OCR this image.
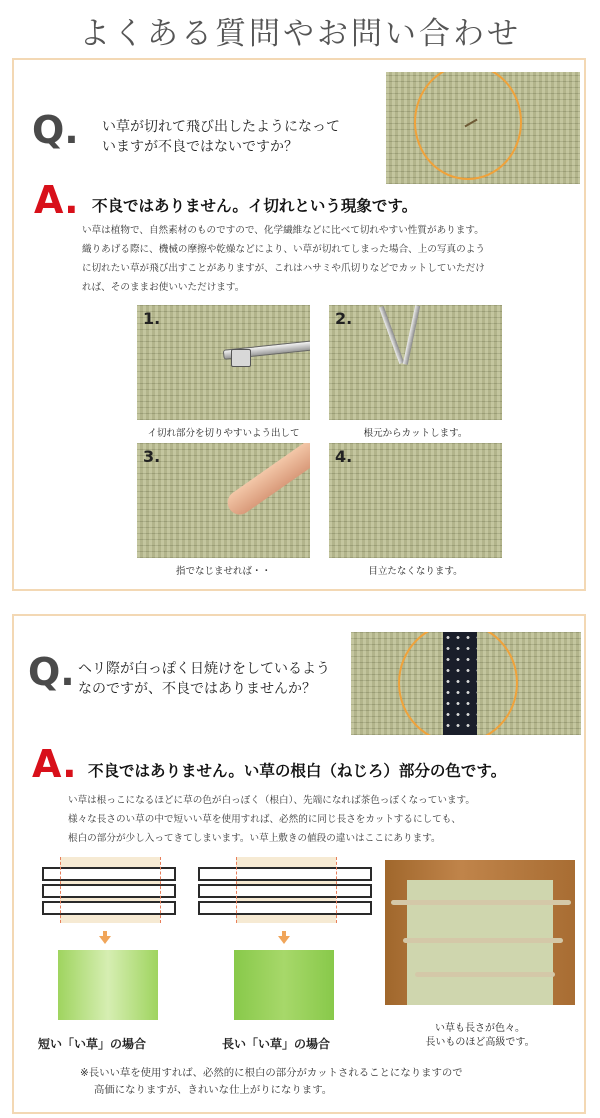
よくある質問やお問い合わせ
Q. い草が切れて飛び出したようになって
いますが不良ではないですか？
A. 不良ではありません。イ切れという現象です。
い草は植物で、自然素材のものですので、化学繊維などに比べて切れやすい性質があります。
織りあげる際に、機械の摩擦や乾燥などにより、い草が切れてしまった場合、上の写真のよう
に切れたい草が飛び出すことがありますが、これはハサミや爪切りなどでカットしていただけ
れば、そのままお使いいただけます。
1.
イ切れ部分を切りやすいよう出して
2.
根元からカットします。
3.
指でなじませれば・・
4.
目立たなくなります。
Q. ヘリ際が白っぽく日焼けをしているよう
なのですが、不良ではありませんか？
A. 不良ではありません。い草の根白（ねじろ）部分の色です。
い草は根っこになるほどに草の色が白っぽく（根白）、先端になれば茶色っぽくなっています。
様々な長さのい草の中で短いい草を使用すれば、必然的に同じ長さをカットするにしても、
根白の部分が少し入ってきてしまいます。い草上敷きの値段の違いはここにあります。
短い「い草」の場合	長い「い草」の場合
い草も長さが色々。
長いものほど高級です。
※長いい草を使用すれば、必然的に根白の部分がカットされることになりますので
高価になりますが、きれいな仕上がりになります。
